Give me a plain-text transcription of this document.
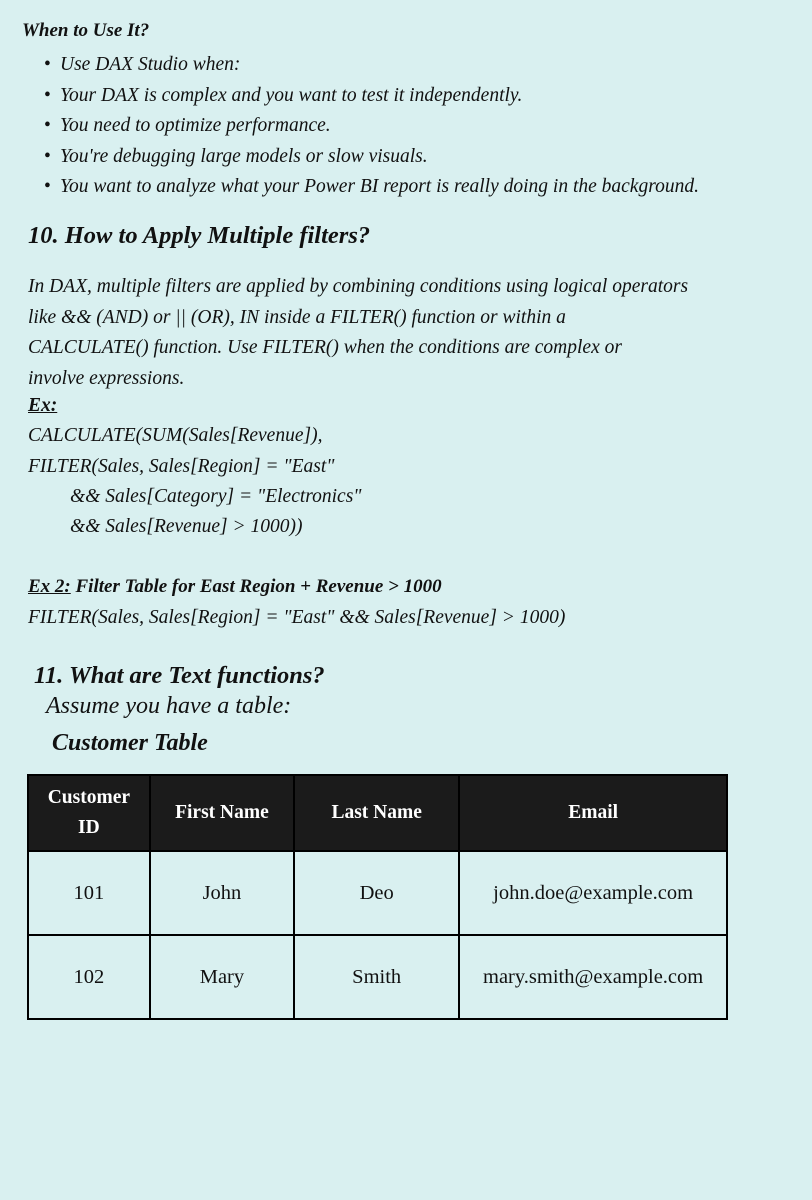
When to Use It?
• Use DAX Studio when:
• Your DAX is complex and you want to test it independently.
• You need to optimize performance.
• You're debugging large models or slow visuals.
• You want to analyze what your Power BI report is really doing in the background.
10. How to Apply Multiple filters?
In DAX, multiple filters are applied by combining conditions using logical operators
like && (AND) or || (OR), IN inside a FILTER() function or within a
CALCULATE() function. Use FILTER() when the conditions are complex or
involve expressions.
Ex:
CALCULATE(SUM(Sales[Revenue]),
FILTER(Sales, Sales[Region] = "East"
&& Sales[Category] = "Electronics"
&& Sales[Revenue] > 1000))
Ex 2: Filter Table for East Region + Revenue > 1000
FILTER(Sales, Sales[Region] = "East" && Sales[Revenue] > 1000)
11. What are Text functions?
Assume you have a table:
Customer Table
Customer
ID	First Name	Last Name	Email
101	John	Deo	john.doe@example.com
102	Mary	Smith	mary.smith@example.com
